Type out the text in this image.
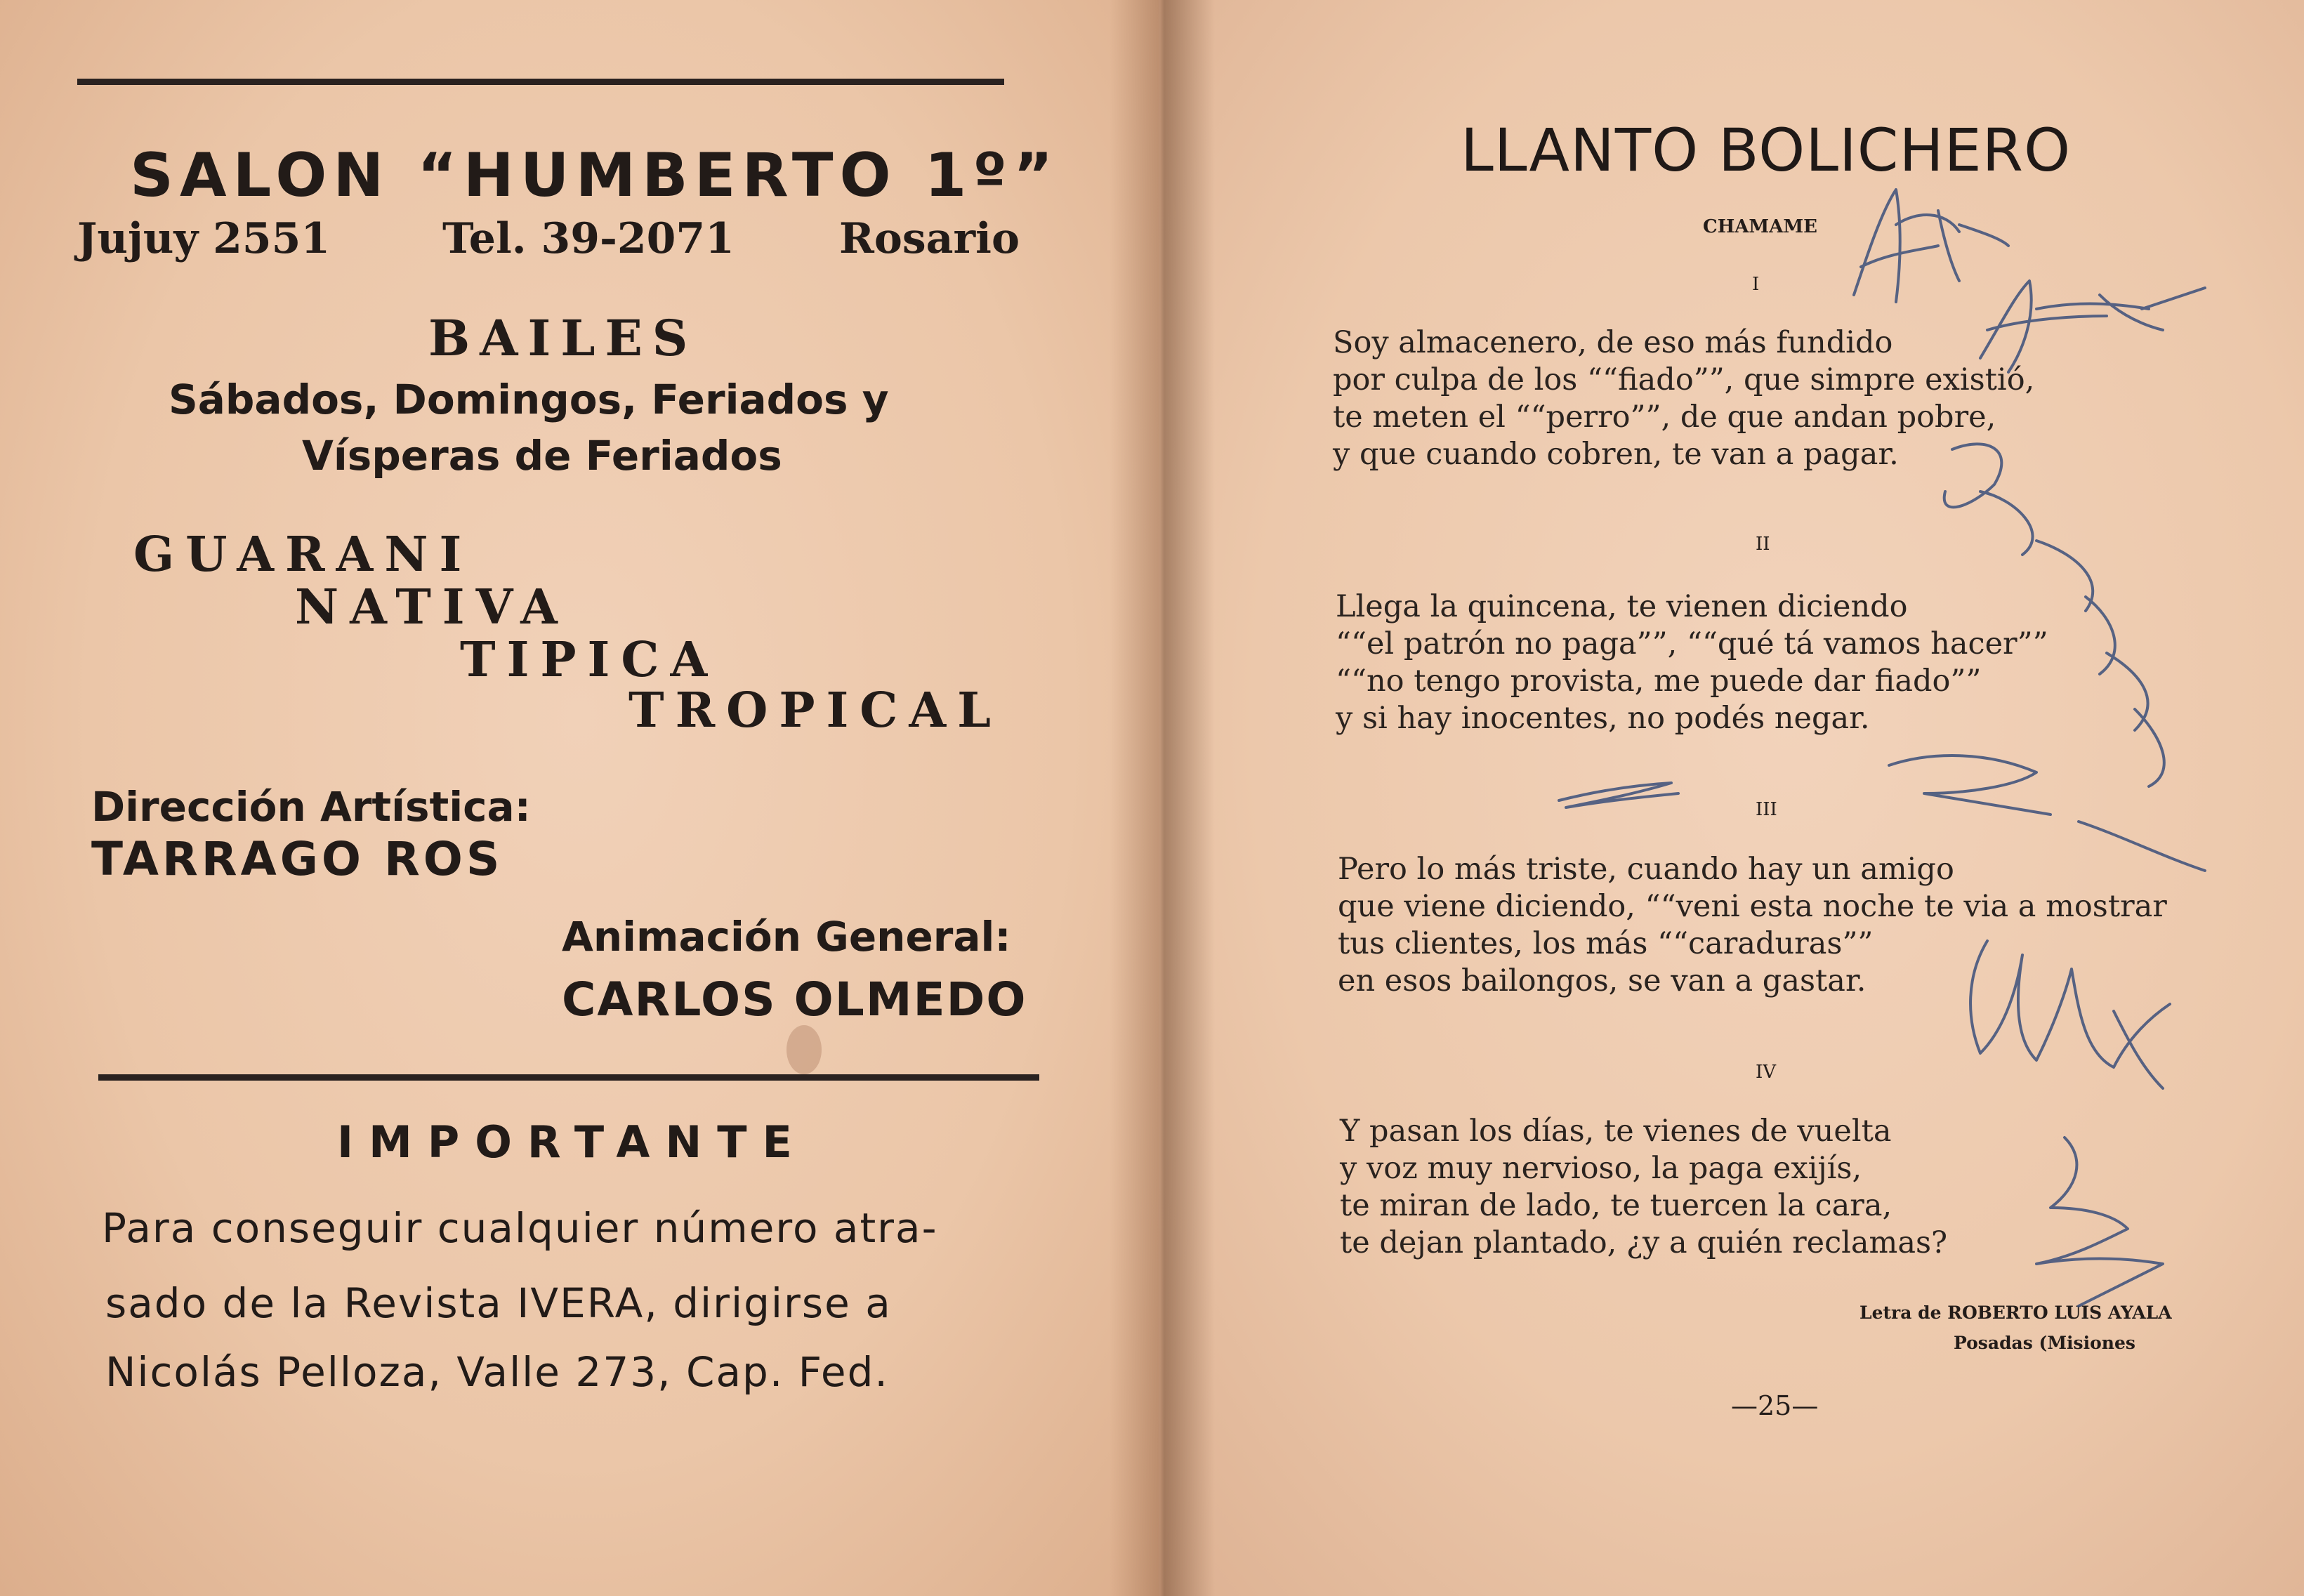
SALON “HUMBERTO 1º”
Jujuy 2551	Tel. 39-2071 Rosario
BAILES
Sábados, Domingos, Feriados y
Vísperas de Feriados
GUARANI
NATIVA
TIPICA
TROPICAL
Dirección Artística:
TARRAGO ROS
Animación General:
CARLOS OLMEDO
IMPORTANTE
Para conseguir cualquier número atra-
sado de la Revista IVERA, dirigirse a
Nicolás Pelloza, Valle 273, Cap. Fed.
LLANTO BOLICHERO
CHAMAME
I
Soy almacenero, de eso más fundido
por culpa de los ““fiado””, que simpre existió,
te meten el ““perro””, de que andan pobre,
y que cuando cobren, te van a pagar.
II
Llega la quincena, te vienen diciendo
““el patrón no paga””, ““qué tá vamos hacer””
““no tengo provista, me puede dar fiado””
y si hay inocentes, no podés negar.
III
Pero lo más triste, cuando hay un amigo
que viene diciendo, ““veni esta noche te via a mostrar
tus clientes, los más ““caraduras””
en esos bailongos, se van a gastar.
IV
Y pasan los días, te vienes de vuelta
y voz muy nervioso, la paga exijís,
te miran de lado, te tuercen la cara,
te dejan plantado, ¿y a quién reclamas?
Letra de ROBERTO LUIS AYALA
Posadas (Misiones
—25—
